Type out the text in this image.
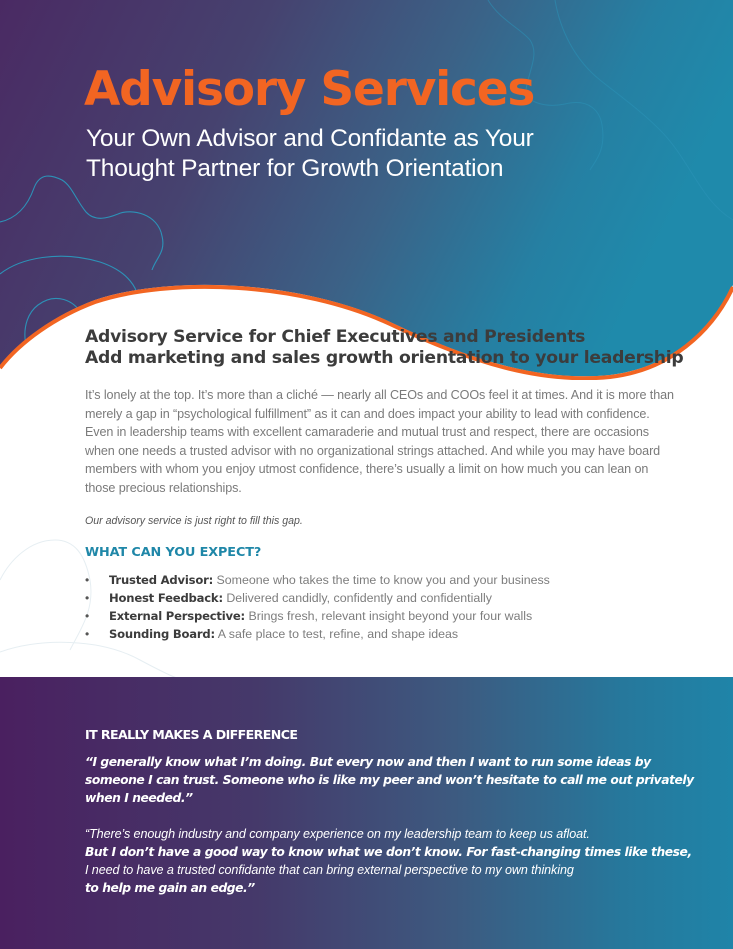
Advisory Services
Your Own Advisor and Confidante as Your
Thought Partner for Growth Orientation
Advisory Service for Chief Executives and Presidents
Add marketing and sales growth orientation to your leadership

It’s lonely at the top. It’s more than a cliché — nearly all CEOs and COOs feel it at times. And it is more than merely a gap in “psychological fulfillment” as it can and does impact your ability to lead with confidence. Even in leadership teams with excellent camaraderie and mutual trust and respect, there are occasions when one needs a trusted advisor with no organizational strings attached. And while you may have board members with whom you enjoy utmost confidence, there’s usually a limit on how much you can lean on those precious relationships.

Our advisory service is just right to fill this gap.
WHAT CAN YOU EXPECT?
• Trusted Advisor: Someone who takes the time to know you and your business
• Honest Feedback: Delivered candidly, confidently and confidentially
• External Perspective: Brings fresh, relevant insight beyond your four walls
• Sounding Board: A safe place to test, refine, and shape ideas
IT REALLY MAKES A DIFFERENCE
“I generally know what I’m doing. But every now and then I want to run some ideas by
someone I can trust. Someone who is like my peer and won’t hesitate to call me out privately
when I needed.”
“There’s enough industry and company experience on my leadership team to keep us afloat.
But I don’t have a good way to know what we don’t know. For fast-changing times like these,
I need to have a trusted confidante that can bring external perspective to my own thinking
to help me gain an edge.”
